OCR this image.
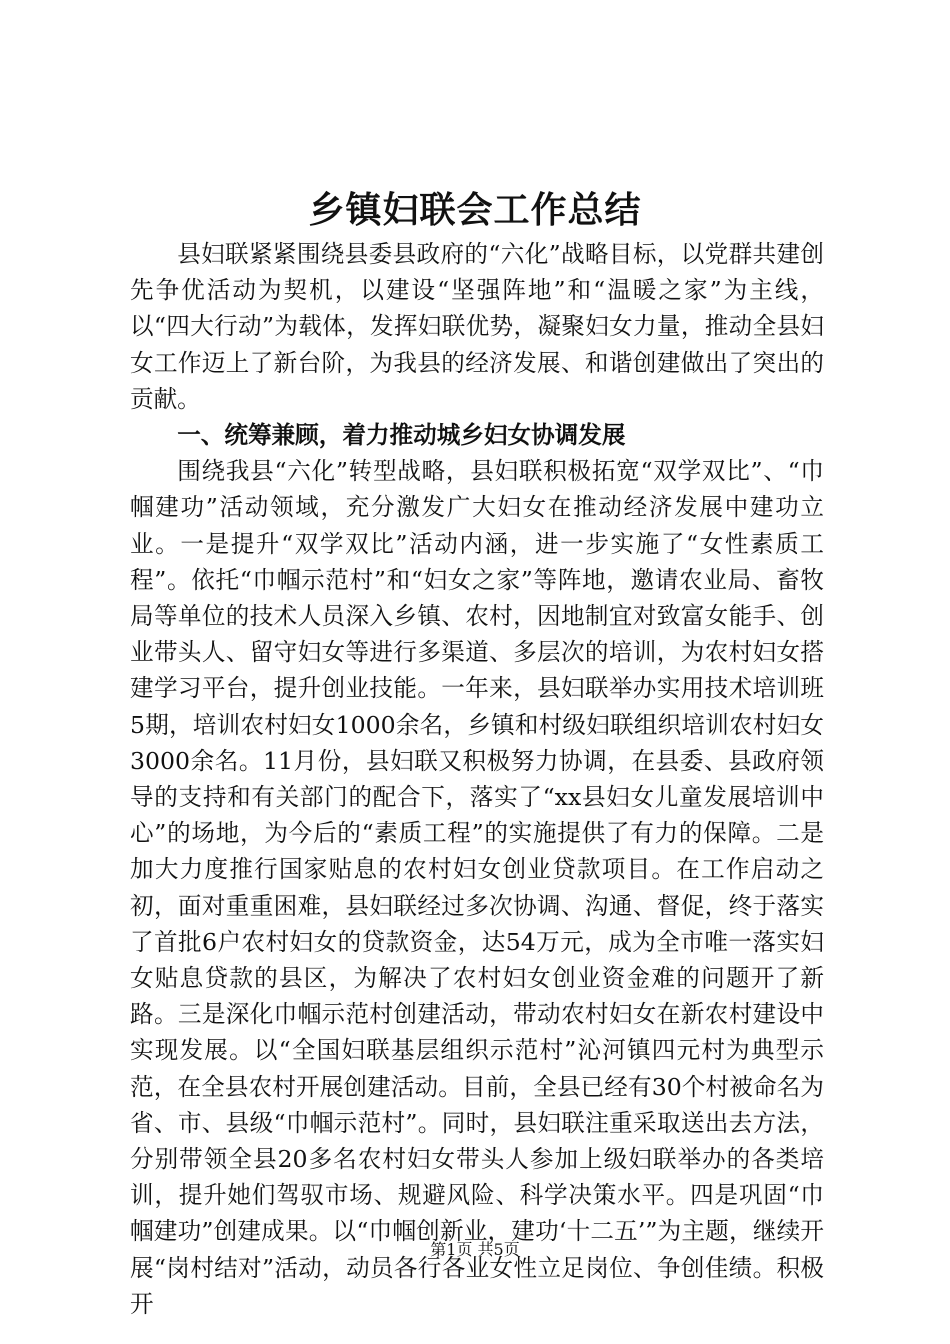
乡镇妇联会工作总结

县妇联紧紧围绕县委县政府的“六化”战略目标，以党群共建创先争优活动为契机，以建设“坚强阵地”和“温暖之家”为主线，以“四大行动”为载体，发挥妇联优势，凝聚妇女力量，推动全县妇女工作迈上了新台阶，为我县的经济发展、和谐创建做出了突出的贡献。

一、统筹兼顾，着力推动城乡妇女协调发展

围绕我县“六化”转型战略，县妇联积极拓宽“双学双比”、“巾帼建功”活动领域，充分激发广大妇女在推动经济发展中建功立业。一是提升“双学双比”活动内涵，进一步实施了“女性素质工程”。依托“巾帼示范村”和“妇女之家”等阵地，邀请农业局、畜牧局等单位的技术人员深入乡镇、农村，因地制宜对致富女能手、创业带头人、留守妇女等进行多渠道、多层次的培训，为农村妇女搭建学习平台，提升创业技能。一年来，县妇联举办实用技术培训班5期，培训农村妇女1000余名，乡镇和村级妇联组织培训农村妇女3000余名。11月份，县妇联又积极努力协调，在县委、县政府领导的支持和有关部门的配合下，落实了“xx县妇女儿童发展培训中心”的场地，为今后的“素质工程”的实施提供了有力的保障。二是加大力度推行国家贴息的农村妇女创业贷款项目。在工作启动之初，面对重重困难，县妇联经过多次协调、沟通、督促，终于落实了首批6户农村妇女的贷款资金，达54万元，成为全市唯一落实妇女贴息贷款的县区，为解决了农村妇女创业资金难的问题开了新路。三是深化巾帼示范村创建活动，带动农村妇女在新农村建设中实现发展。以“全国妇联基层组织示范村”沁河镇四元村为典型示范，在全县农村开展创建活动。目前，全县已经有30个村被命名为省、市、县级“巾帼示范村”。同时，县妇联注重采取送出去方法，分别带领全县20多名农村妇女带头人参加上级妇联举办的各类培训，提升她们驾驭市场、规避风险、科学决策水平。四是巩固“巾帼建功”创建成果。以“巾帼创新业，建功‘十二五’”为主题，继续开展“岗村结对”活动，动员各行各业女性立足岗位、争创佳绩。积极开

第1页 共5页
